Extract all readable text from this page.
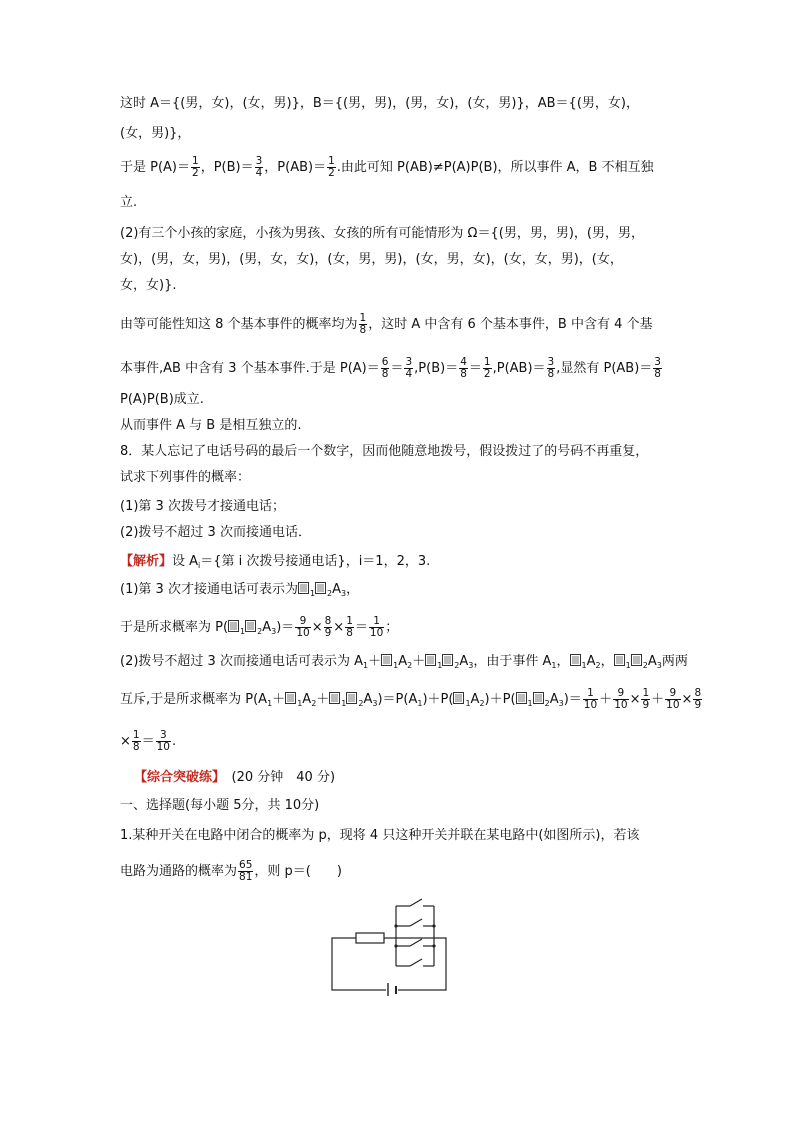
这时 A＝{(男，女)，(女，男)}，B＝{(男，男)，(男，女)，(女，男)}，AB＝{(男，女)，
(女，男)}，
于是 $P(A)= \frac{1}{2}$ ，$P(B)= \frac{3}{4}$ ，$P(AB)= \frac{1}{2}$ .由此可知 P(AB)≠P(A)P(B)，所以事件 A，B 不相互独
立.
(2)有三个小孩的家庭，小孩为男孩、女孩的所有可能情形为 Ω＝{(男，男，男)，(男，男，
女)，(男，女，男)，(男，女，女)，(女，男，男)，(女，男，女)，(女，女，男)，(女，
女，女)}.
由等可能性知这 8 个基本事件的概率均为 $\frac{1}{8}$ ，这时 A 中含有 6 个基本事件，B 中含有 4 个基
本事件,AB 中含有 3 个基本事件.于是 $P(A)= \frac{6}{8} = \frac{3}{4} ,P(B)= \frac{4}{8} = \frac{1}{2} ,P(AB)= \frac{3}{8}$ ,显然有 $P(AB)= \frac{3}{8}$
P(A)P(B)成立.
从而事件 A 与 B 是相互独立的.
8．某人忘记了电话号码的最后一个数字，因而他随意地拨号，假设拨过了的号码不再重复，
试求下列事件的概率：
(1)第 3 次拨号才接通电话；
(2)拨号不超过 3 次而接通电话．
【解析】设 $A_i=${第 i 次拨号接通电话}，i＝1，2，3.
(1)第 3 次才接通电话可表示为 $_1$ $_2A_3$，
于是所求概率为 P( $_1$ $_2A_3)= \frac{9}{10} \times \frac{8}{9} \times \frac{1}{8} = \frac{1}{10}$ ；
(2)拨号不超过 3 次而接通电话可表示为 $A_1+ _1A_2+ _1$ $_2A_3$，由于事件 $A_1$， $_1A_2$， $_1$ $_2A_3$两两
互斥,于是所求概率为 $P(A_1+ _1A_2+ _1$ $_2A_3)=P(A_1)+P$( $_1A_2)+P$( $_1$ $_2A_3)= \frac{1}{10} + \frac{9}{10} \times \frac{1}{9} + \frac{9}{10} \times \frac{8}{9}$
× $\frac{1}{8} = \frac{3}{10}$ .
【综合突破练】　 (20 分钟　40 分)
一、选择题(每小题 5分，共 10分)
1.某种开关在电路中闭合的概率为 p，现将 4 只这种开关并联在某电路中(如图所示)，若该
电路为通路的概率为 $\frac{65}{81}$ ，则 p＝(　　)
